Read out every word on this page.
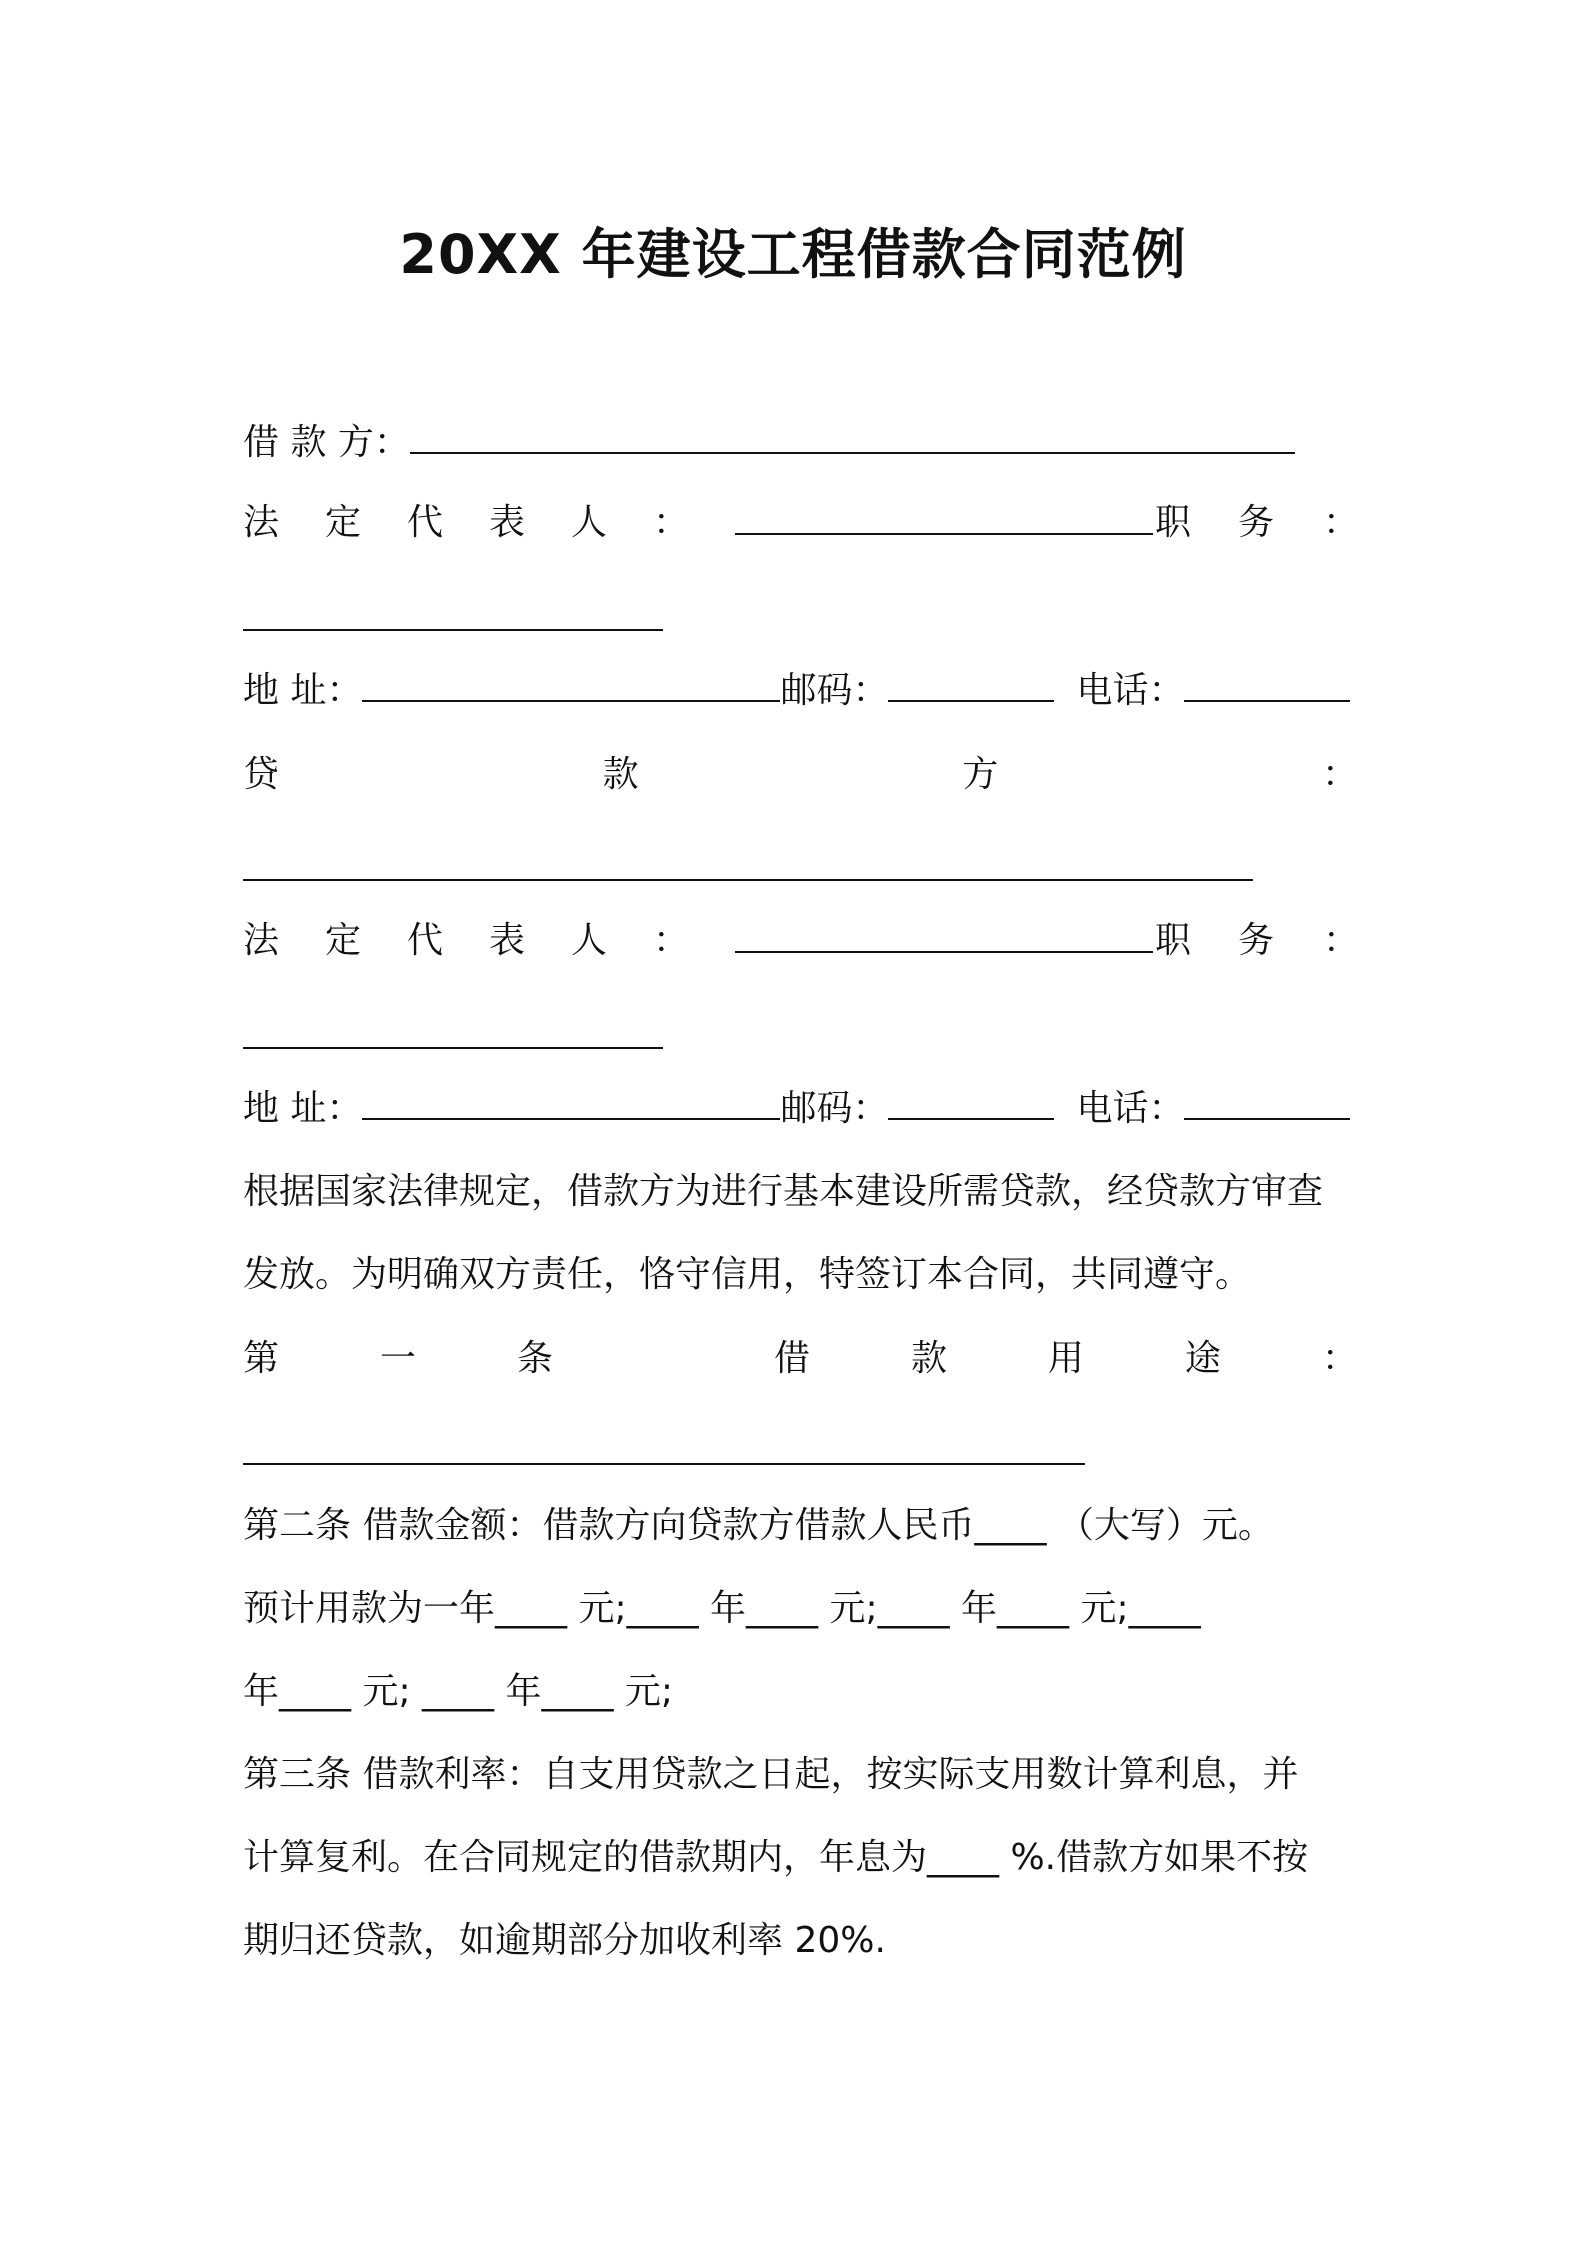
20XX 年建设工程借款合同范例
借 款 方：
法 定 代 表 人 ：	职 务 ：
地 址：	邮码：	电话：
贷	款	方	：
法 定 代 表 人 ：	职 务 ：
地 址：	邮码：	电话：
根据国家法律规定，借款方为进行基本建设所需贷款，经贷款方审查
发放。为明确双方责任，恪守信用，特签订本合同，共同遵守。
第	一	条	借	款	用	途	：
第二条 借款金额：借款方向贷款方借款人民币____ （大写）元。
预计用款为一年____ 元;____ 年____ 元;____ 年____ 元;____
年____ 元; ____ 年____ 元;
第三条 借款利率：自支用贷款之日起，按实际支用数计算利息，并
计算复利。在合同规定的借款期内，年息为____ %.借款方如果不按
期归还贷款，如逾期部分加收利率 20%.
